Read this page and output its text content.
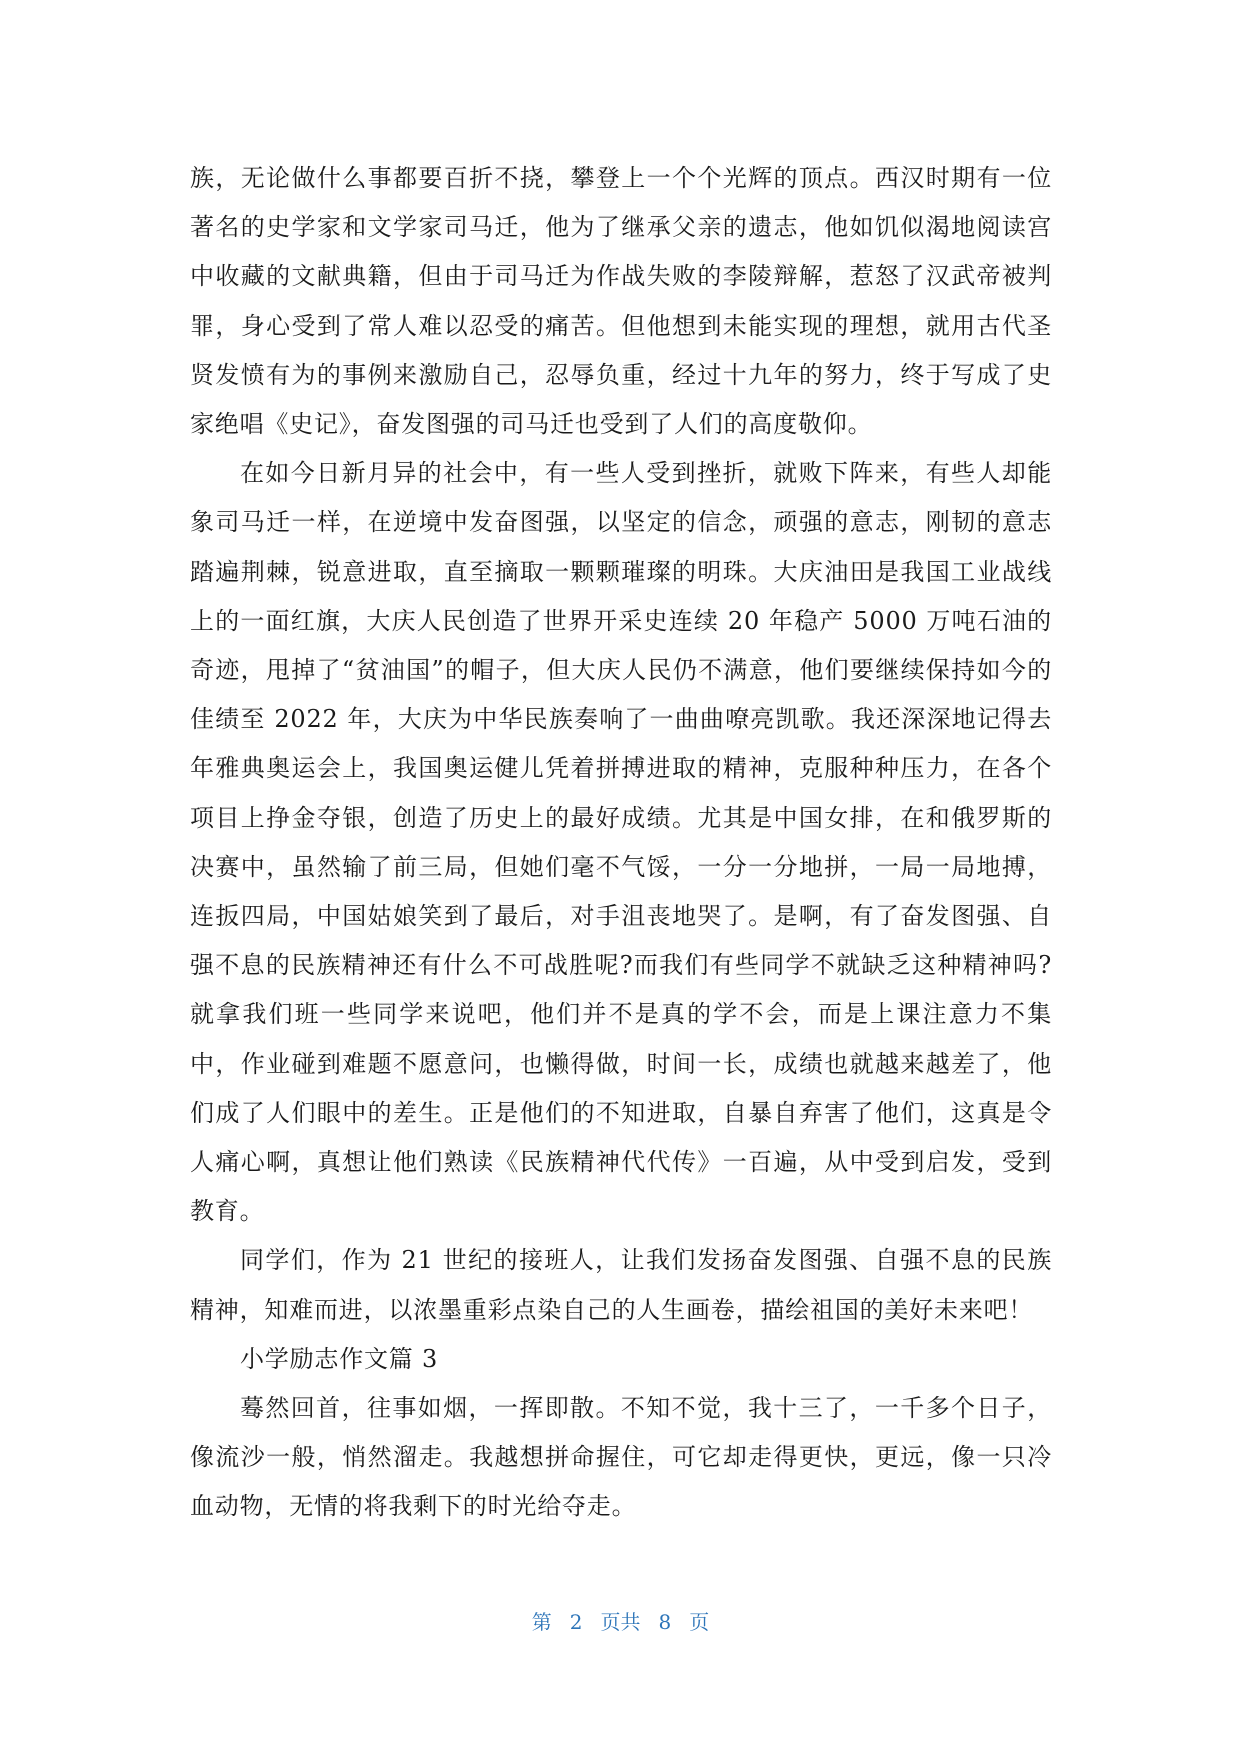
族，无论做什么事都要百折不挠，攀登上一个个光辉的顶点。西汉时期有一位著名的史学家和文学家司马迁，他为了继承父亲的遗志，他如饥似渴地阅读宫中收藏的文献典籍，但由于司马迁为作战失败的李陵辩解，惹怒了汉武帝被判罪，身心受到了常人难以忍受的痛苦。但他想到未能实现的理想，就用古代圣贤发愤有为的事例来激励自己，忍辱负重，经过十九年的努力，终于写成了史家绝唱《史记》，奋发图强的司马迁也受到了人们的高度敬仰。

在如今日新月异的社会中，有一些人受到挫折，就败下阵来，有些人却能象司马迁一样，在逆境中发奋图强，以坚定的信念，顽强的意志，刚韧的意志踏遍荆棘，锐意进取，直至摘取一颗颗璀璨的明珠。大庆油田是我国工业战线上的一面红旗，大庆人民创造了世界开采史连续 20 年稳产 5000 万吨石油的奇迹，甩掉了“贫油国”的帽子，但大庆人民仍不满意，他们要继续保持如今的佳绩至 2022 年，大庆为中华民族奏响了一曲曲嘹亮凯歌。我还深深地记得去年雅典奥运会上，我国奥运健儿凭着拼搏进取的精神，克服种种压力，在各个项目上挣金夺银，创造了历史上的最好成绩。尤其是中国女排，在和俄罗斯的决赛中，虽然输了前三局，但她们毫不气馁，一分一分地拼，一局一局地搏，连扳四局，中国姑娘笑到了最后，对手沮丧地哭了。是啊，有了奋发图强、自强不息的民族精神还有什么不可战胜呢?而我们有些同学不就缺乏这种精神吗?就拿我们班一些同学来说吧，他们并不是真的学不会，而是上课注意力不集中，作业碰到难题不愿意问，也懒得做，时间一长，成绩也就越来越差了，他们成了人们眼中的差生。正是他们的不知进取，自暴自弃害了他们，这真是令人痛心啊，真想让他们熟读《民族精神代代传》一百遍，从中受到启发，受到教育。

同学们，作为 21 世纪的接班人，让我们发扬奋发图强、自强不息的民族精神，知难而进，以浓墨重彩点染自己的人生画卷，描绘祖国的美好未来吧！

小学励志作文篇 3

蓦然回首，往事如烟，一挥即散。不知不觉，我十三了，一千多个日子，像流沙一般，悄然溜走。我越想拼命握住，可它却走得更快，更远，像一只冷血动物，无情的将我剩下的时光给夺走。

第 2 页共 8 页
